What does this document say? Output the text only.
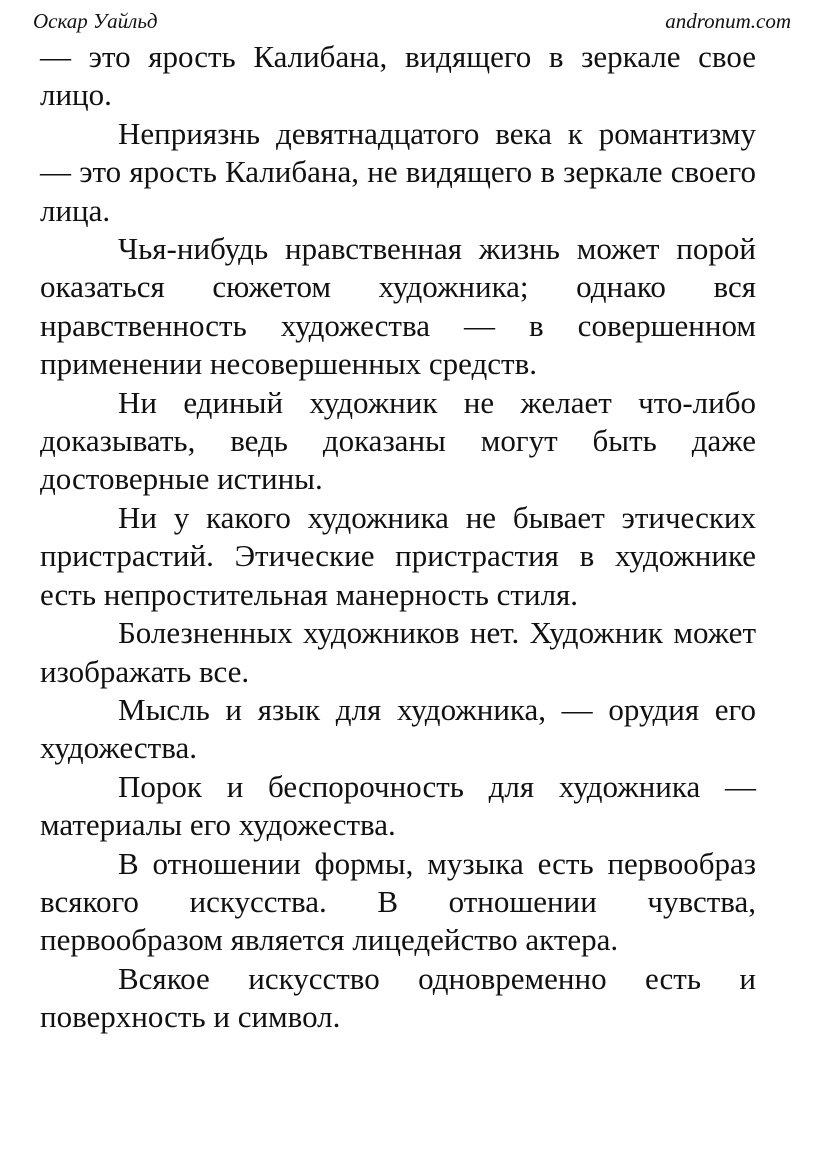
Оскар Уайльд	andronum.com

— это ярость Калибана, видящего в зеркале свое лицо.

Неприязнь девятнадцатого века к романтизму — это ярость Калибана, не видящего в зеркале своего лица.

Чья-нибудь нравственная жизнь может порой оказаться сюжетом художника; однако вся нравственность художества — в совершенном применении несовершенных средств.

Ни единый художник не желает что-либо доказывать, ведь доказаны могут быть даже достоверные истины.

Ни у какого художника не бывает этических пристрастий. Этические пристрастия в художнике есть непростительная манерность стиля.

Болезненных художников нет. Художник может изображать все.

Мысль и язык для художника, — орудия его художества.

Порок и беспорочность для художника — материалы его художества.

В отношении формы, музыка есть первообраз всякого искусства. В отношении чувства, первообразом является лицедейство актера.

Всякое искусство одновременно есть и поверхность и символ.
